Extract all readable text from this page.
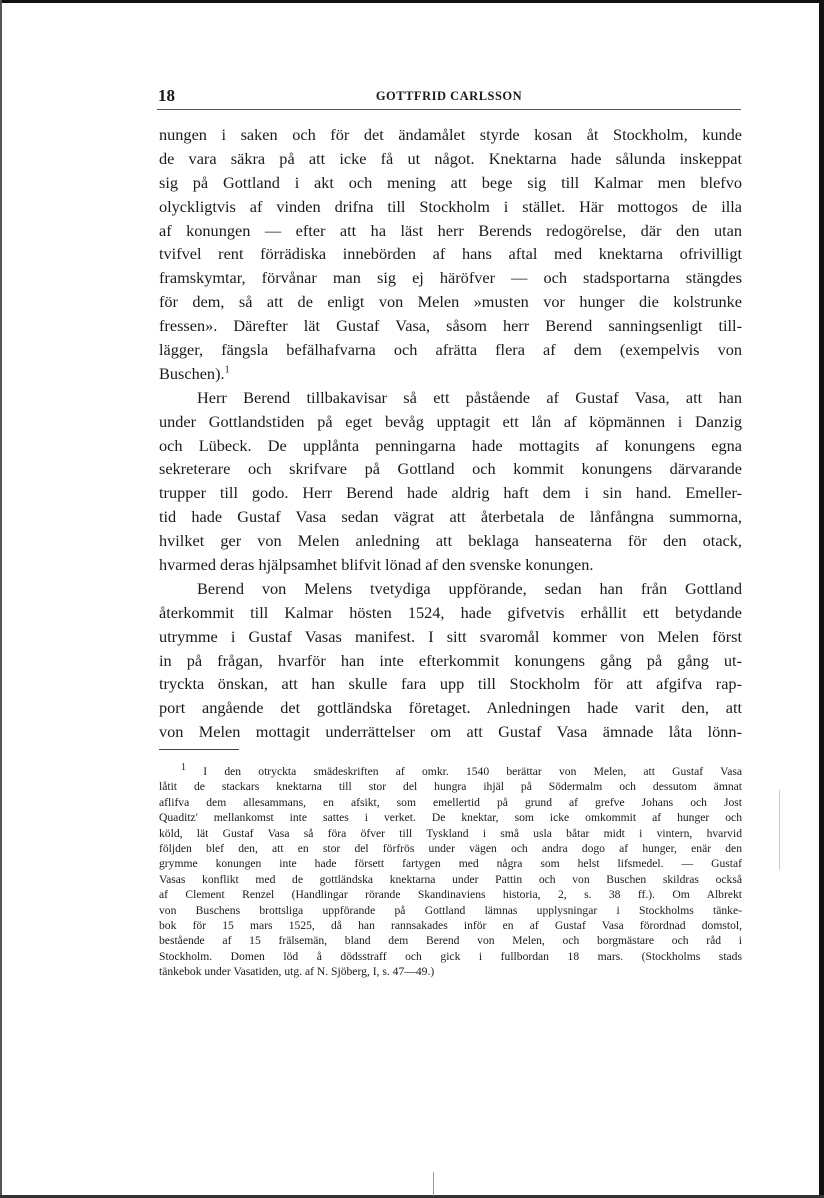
18	GOTTFRID CARLSSON
nungen i saken och för det ändamålet styrde kosan åt Stockholm, kunde
de vara säkra på att icke få ut något. Knektarna hade sålunda inskeppat
sig på Gottland i akt och mening att bege sig till Kalmar men blefvo
olyckligtvis af vinden drifna till Stockholm i stället. Här mottogos de illa
af konungen — efter att ha läst herr Berends redogörelse, där den utan
tvifvel rent förrädiska innebörden af hans aftal med knektarna ofrivilligt
framskymtar, förvånar man sig ej häröfver — och stadsportarna stängdes
för dem, så att de enligt von Melen »musten vor hunger die kolstrunke
fressen». Därefter lät Gustaf Vasa, såsom herr Berend sanningsenligt till-
lägger, fängsla befälhafvarna och afrätta flera af dem (exempelvis von
Buschen).$^1$
Herr Berend tillbakavisar så ett påstående af Gustaf Vasa, att han
under Gottlandstiden på eget bevåg upptagit ett lån af köpmännen i Danzig
och Lübeck. De upplånta penningarna hade mottagits af konungens egna
sekreterare och skrifvare på Gottland och kommit konungens därvarande
trupper till godo. Herr Berend hade aldrig haft dem i sin hand. Emeller-
tid hade Gustaf Vasa sedan vägrat att återbetala de lånfångna summorna,
hvilket ger von Melen anledning att beklaga hanseaterna för den otack,
hvarmed deras hjälpsamhet blifvit lönad af den svenske konungen.
Berend von Melens tvetydiga uppförande, sedan han från Gottland
återkommit till Kalmar hösten 1524, hade gifvetvis erhållit ett betydande
utrymme i Gustaf Vasas manifest. I sitt svaromål kommer von Melen först
in på frågan, hvarför han inte efterkommit konungens gång på gång ut-
tryckta önskan, att han skulle fara upp till Stockholm för att afgifva rap-
port angående det gottländska företaget. Anledningen hade varit den, att
von Melen mottagit underrättelser om att Gustaf Vasa ämnade låta lönn-
$^1$ I den otryckta smädeskriften af omkr. 1540 berättar von Melen, att Gustaf Vasa
låtit de stackars knektarna till stor del hungra ihjäl på Södermalm och dessutom ämnat
aflifva dem allesammans, en afsikt, som emellertid på grund af grefve Johans och Jost
Quaditz' mellankomst inte sattes i verket. De knektar, som icke omkommit af hunger och
köld, lät Gustaf Vasa så föra öfver till Tyskland i små usla båtar midt i vintern, hvarvid
följden blef den, att en stor del förfrös under vägen och andra dogo af hunger, enär den
grymme konungen inte hade försett fartygen med några som helst lifsmedel. — Gustaf
Vasas konflikt med de gottländska knektarna under Pattin och von Buschen skildras också
af Clement Renzel (Handlingar rörande Skandinaviens historia, 2, s. 38 ff.). Om Albrekt
von Buschens brottsliga uppförande på Gottland lämnas upplysningar i Stockholms tänke-
bok för 15 mars 1525, då han rannsakades inför en af Gustaf Vasa förordnad domstol,
bestående af 15 frälsemän, bland dem Berend von Melen, och borgmästare och råd i
Stockholm. Domen löd å dödsstraff och gick i fullbordan 18 mars. (Stockholms stads
tänkebok under Vasatiden, utg. af N. Sjöberg, I, s. 47—49.)
